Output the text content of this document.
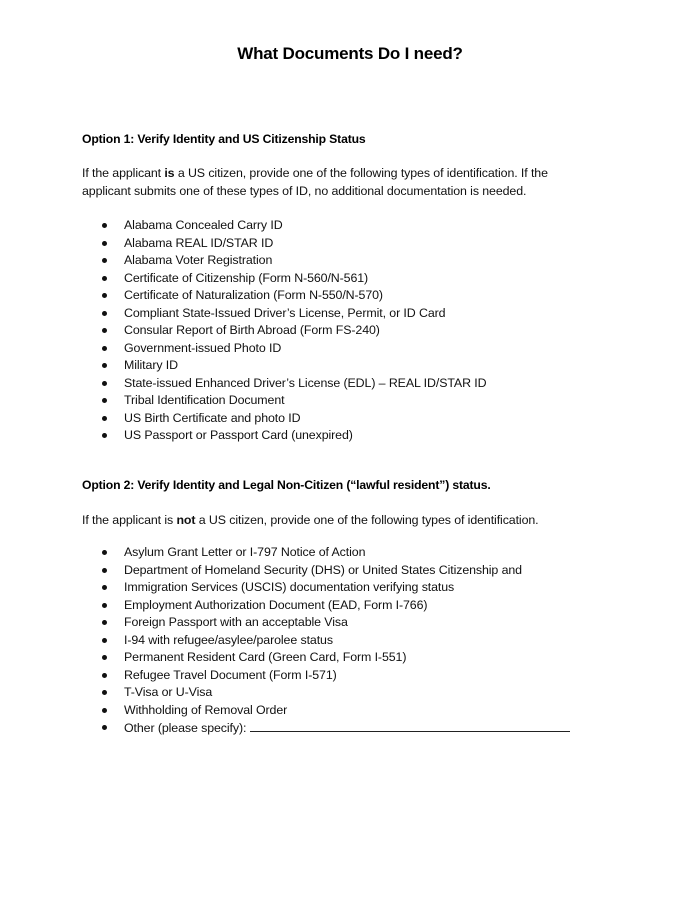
What Documents Do I need?
Option 1: Verify Identity and US Citizenship Status
If the applicant is a US citizen, provide one of the following types of identification. If the
applicant submits one of these types of ID, no additional documentation is needed.
Alabama Concealed Carry ID
Alabama REAL ID/STAR ID
Alabama Voter Registration
Certificate of Citizenship (Form N-560/N-561)
Certificate of Naturalization (Form N-550/N-570)
Compliant State-Issued Driver’s License, Permit, or ID Card
Consular Report of Birth Abroad (Form FS-240)
Government-issued Photo ID
Military ID
State-issued Enhanced Driver’s License (EDL) – REAL ID/STAR ID
Tribal Identification Document
US Birth Certificate and photo ID
US Passport or Passport Card (unexpired)
Option 2: Verify Identity and Legal Non-Citizen (“lawful resident”) status.
If the applicant is not a US citizen, provide one of the following types of identification.
Asylum Grant Letter or I-797 Notice of Action
Department of Homeland Security (DHS) or United States Citizenship and
Immigration Services (USCIS) documentation verifying status
Employment Authorization Document (EAD, Form I-766)
Foreign Passport with an acceptable Visa
I-94 with refugee/asylee/parolee status
Permanent Resident Card (Green Card, Form I-551)
Refugee Travel Document (Form I-571)
T-Visa or U-Visa
Withholding of Removal Order
Other (please specify):
